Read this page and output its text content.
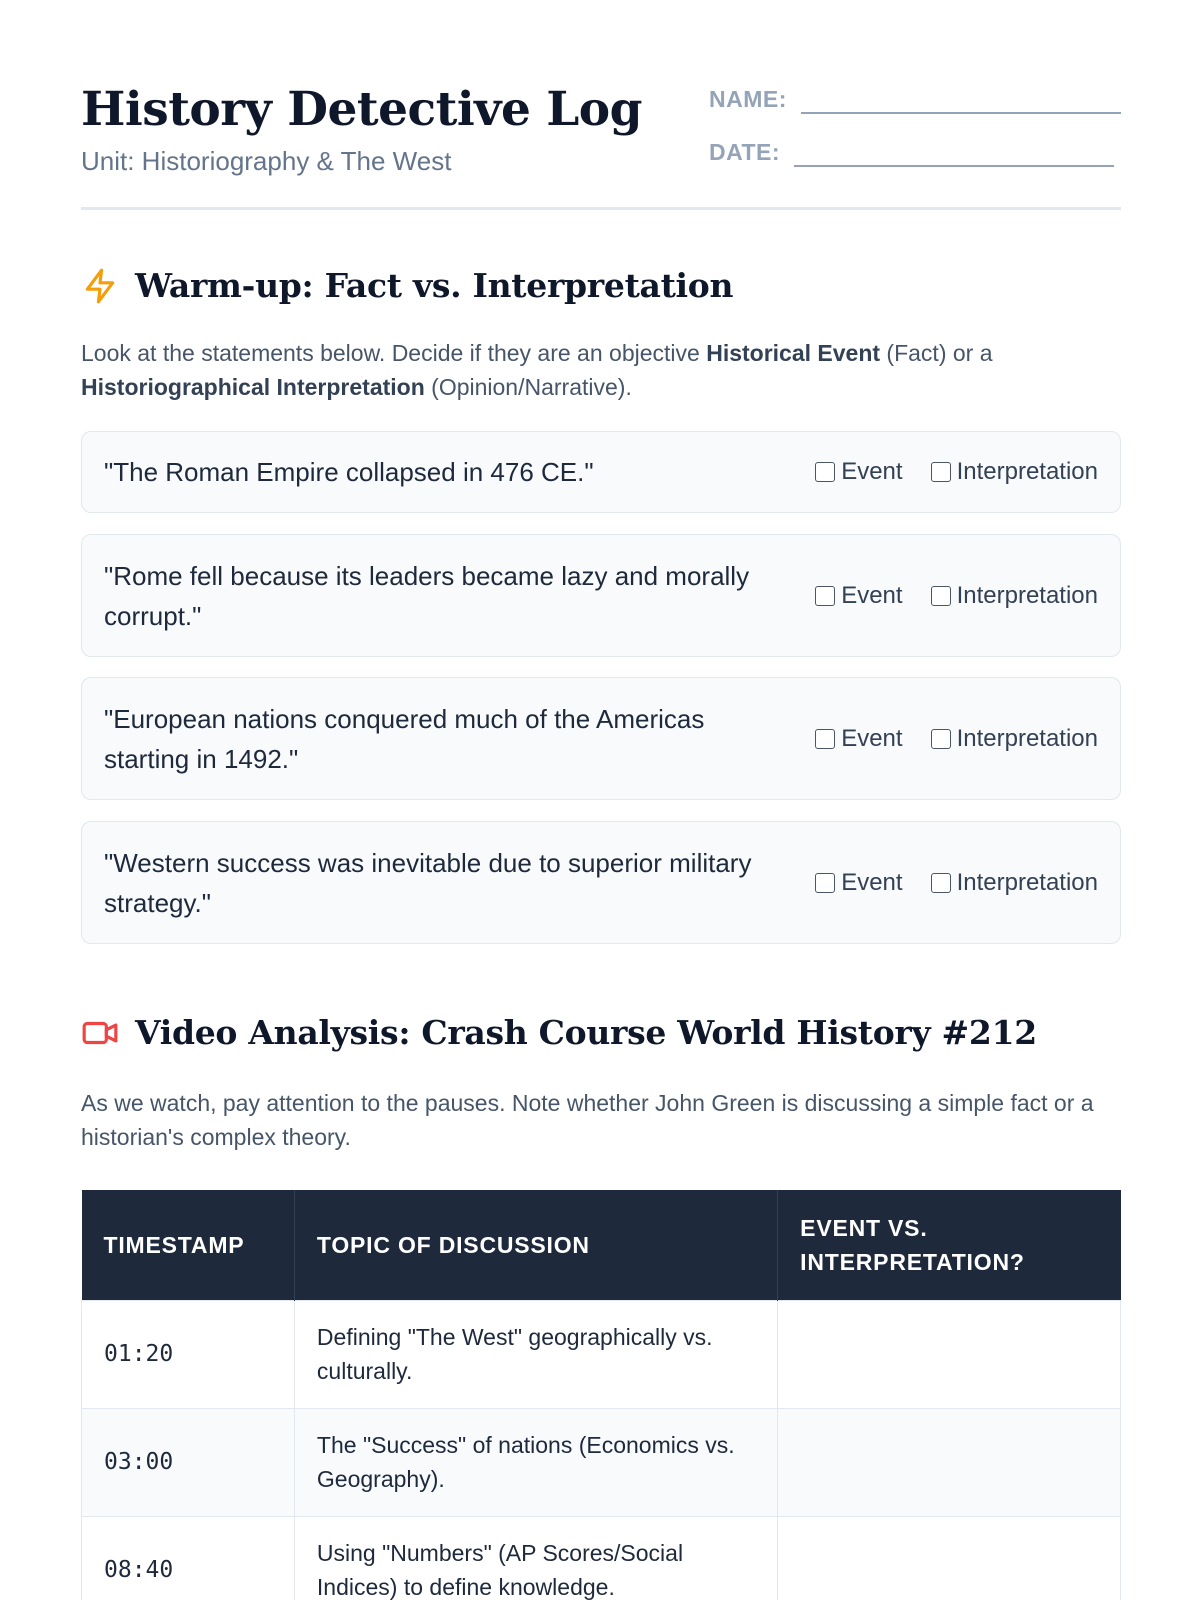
History Detective Log
Unit: Historiography & The West
NAME:
DATE:
Warm-up: Fact vs. Interpretation

Look at the statements below. Decide if they are an objective Historical Event (Fact) or a Historiographical Interpretation (Opinion/Narrative).

"The Roman Empire collapsed in 476 CE."	Event Interpretation
"Rome fell because its leaders became lazy and morally corrupt."
Event Interpretation
"European nations conquered much of the Americas starting in 1492."
Event Interpretation
"Western success was inevitable due to superior military strategy."
Event Interpretation
Video Analysis: Crash Course World History #212

As we watch, pay attention to the pauses. Note whether John Green is discussing a simple fact or a historian's complex theory.

TIMESTAMP	TOPIC OF DISCUSSION	EVENT VS. INTERPRETATION?
01:20	Defining "The West" geographically vs. culturally.	
03:00	The "Success" of nations (Economics vs. Geography).	
08:40	Using "Numbers" (AP Scores/Social Indices) to define knowledge.	
